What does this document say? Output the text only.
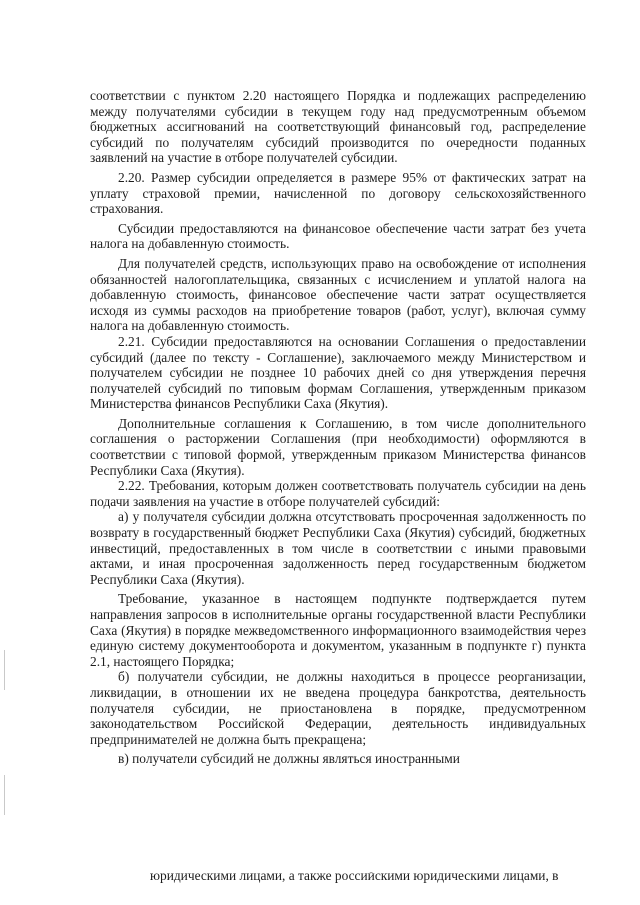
соответствии с пунктом 2.20 настоящего Порядка и подлежащих распределению между получателями субсидии в текущем году над предусмотренным объемом бюджетных ассигнований на соответствующий финансовый год, распределение субсидий по получателям субсидий производится по очередности поданных заявлений на участие в отборе получателей субсидии.

2.20. Размер субсидии определяется в размере 95% от фактических затрат на уплату страховой премии, начисленной по договору сельскохозяйственного страхования.

Субсидии предоставляются на финансовое обеспечение части затрат без учета налога на добавленную стоимость.

Для получателей средств, использующих право на освобождение от исполнения обязанностей налогоплательщика, связанных с исчислением и уплатой налога на добавленную стоимость, финансовое обеспечение части затрат осуществляется исходя из суммы расходов на приобретение товаров (работ, услуг), включая сумму налога на добавленную стоимость.

2.21. Субсидии предоставляются на основании Соглашения о предоставлении субсидий (далее по тексту - Соглашение), заключаемого между Министерством и получателем субсидии не позднее 10 рабочих дней со дня утверждения перечня получателей субсидий по типовым формам Соглашения, утвержденным приказом Министерства финансов Республики Саха (Якутия).

Дополнительные соглашения к Соглашению, в том числе дополнительного соглашения о расторжении Соглашения (при необходимости) оформляются в соответствии с типовой формой, утвержденным приказом Министерства финансов Республики Саха (Якутия).

2.22. Требования, которым должен соответствовать получатель субсидии на день подачи заявления на участие в отборе получателей субсидий:

а) у получателя субсидии должна отсутствовать просроченная задолженность по возврату в государственный бюджет Республики Саха (Якутия) субсидий, бюджетных инвестиций, предоставленных в том числе в соответствии с иными правовыми актами, и иная просроченная задолженность перед государственным бюджетом Республики Саха (Якутия).

Требование, указанное в настоящем подпункте подтверждается путем направления запросов в исполнительные органы государственной власти Республики Саха (Якутия) в порядке межведомственного информационного взаимодействия через единую систему документооборота и документом, указанным в подпункте г) пункта 2.1, настоящего Порядка;

б) получатели субсидии, не должны находиться в процессе реорганизации, ликвидации, в отношении их не введена процедура банкротства, деятельность получателя субсидии, не приостановлена в порядке, предусмотренном законодательством Российской Федерации, деятельность индивидуальных предпринимателей не должна быть прекращена;

в) получатели субсидий не должны являться иностранными

юридическими лицами, а также российскими юридическими лицами, в
